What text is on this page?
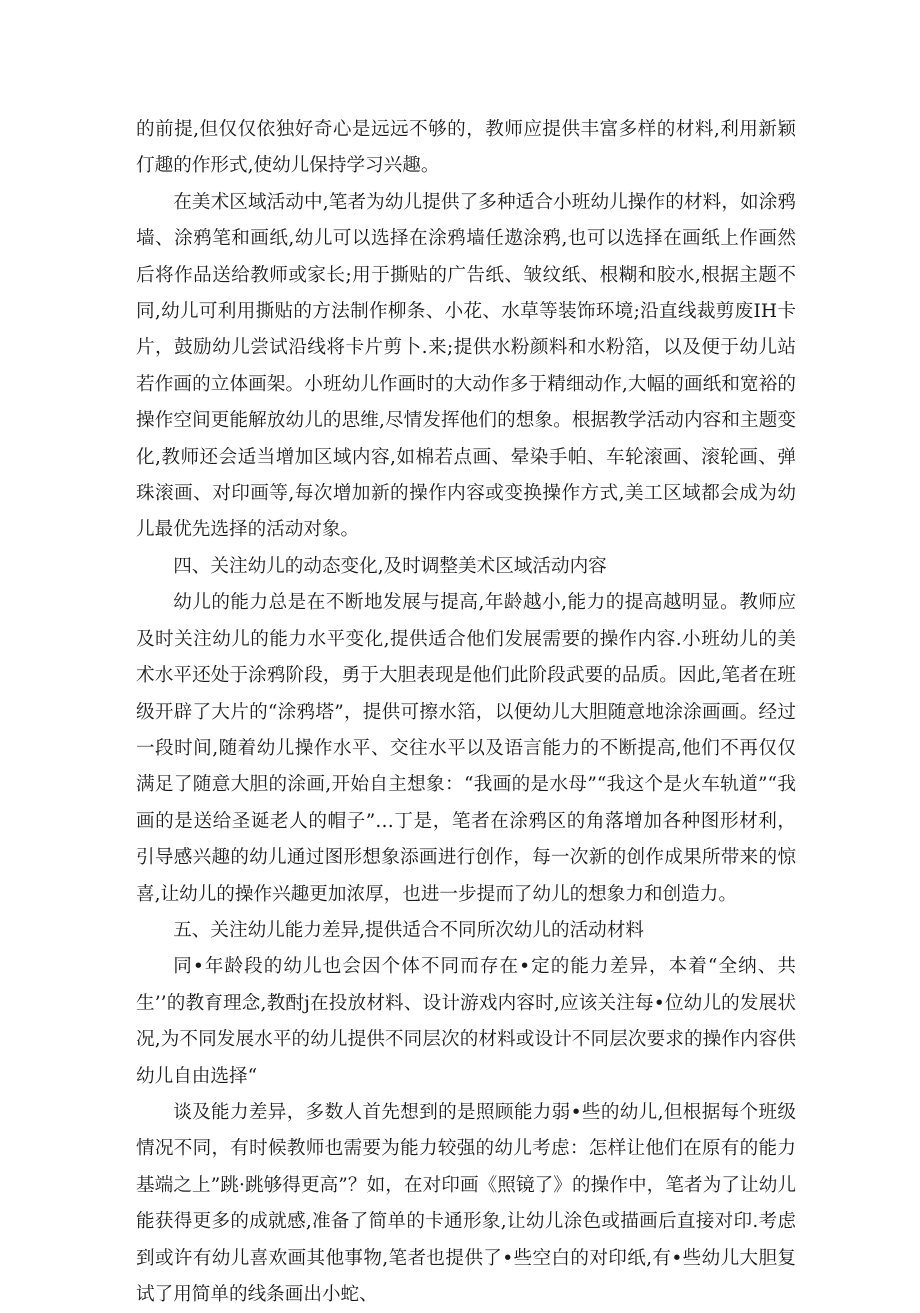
的前提,但仅仅依独好奇心是远远不够的，教师应提供丰富多样的材料,利用新颖仃趣的作形式,使幼儿保持学习兴趣。

在美术区域活动中,笔者为幼儿提供了多种适合小班幼儿操作的材料，如涂鸦墙、涂鸦笔和画纸,幼儿可以选择在涂鸦墙任遨涂鸦,也可以选择在画纸上作画然后将作品送给教师或家长;用于撕贴的广告纸、皱纹纸、根糊和胶水,根据主题不同,幼儿可利用撕贴的方法制作柳条、小花、水草等装饰环境;沿直线裁剪废IH卡片，鼓励幼儿尝试沿线将卡片剪卜.来;提供水粉颜料和水粉箔，以及便于幼儿站若作画的立体画架。小班幼儿作画时的大动作多于精细动作,大幅的画纸和宽裕的操作空间更能解放幼儿的思维,尽情发挥他们的想象。根据教学活动内容和主题变化,教师还会适当增加区域内容,如棉若点画、晕染手帕、车轮滚画、滚轮画、弹珠滚画、对印画等,每次增加新的操作内容或变换操作方式,美工区域都会成为幼儿最优先选择的活动对象。

四、关注幼儿的动态变化,及时调整美术区域活动内容

幼儿的能力总是在不断地发展与提高,年龄越小,能力的提高越明显。教师应及时关注幼儿的能力水平变化,提供适合他们发展需要的操作内容.小班幼儿的美术水平还处于涂鸦阶段，勇于大胆表现是他们此阶段武要的品质。因此,笔者在班级开辟了大片的“涂鸦塔”，提供可擦水箔，以便幼儿大胆随意地涂涂画画。经过一段时间,随着幼儿操作水平、交往水平以及语言能力的不断提高,他们不再仅仅满足了随意大胆的涂画,开始自主想象：“我画的是水母”“我这个是火车轨道”“我画的是送给圣诞老人的帽子”…丁是，笔者在涂鸦区的角落增加各种图形材利，引导感兴趣的幼儿通过图形想象添画进行创作，每一次新的创作成果所带来的惊喜,让幼儿的操作兴趣更加浓厚，也进一步提而了幼儿的想象力和创造力。

五、关注幼儿能力差异,提供适合不同所次幼儿的活动材料

同•年龄段的幼儿也会因个体不同而存在•定的能力差异，本着“全纳、共生’’的教育理念,教酎j在投放材料、设计游戏内容时,应该关注每•位幼儿的发展状况,为不同发展水平的幼儿提供不同层次的材料或设计不同层次要求的操作内容供幼儿自由选择“

谈及能力差异，多数人首先想到的是照顾能力弱•些的幼儿,但根据每个班级情况不同，有时候教师也需要为能力较强的幼儿考虑：怎样让他们在原有的能力基端之上”跳·跳够得更高”？如，在对印画《照镜了》的操作中，笔者为了让幼儿能获得更多的成就感,准备了简单的卡通形象,让幼儿涂色或描画后直接对印.考虑到或许有幼儿喜欢画其他事物,笔者也提供了•些空白的对印纸,有•些幼儿大胆复试了用简单的线条画出小蛇、
